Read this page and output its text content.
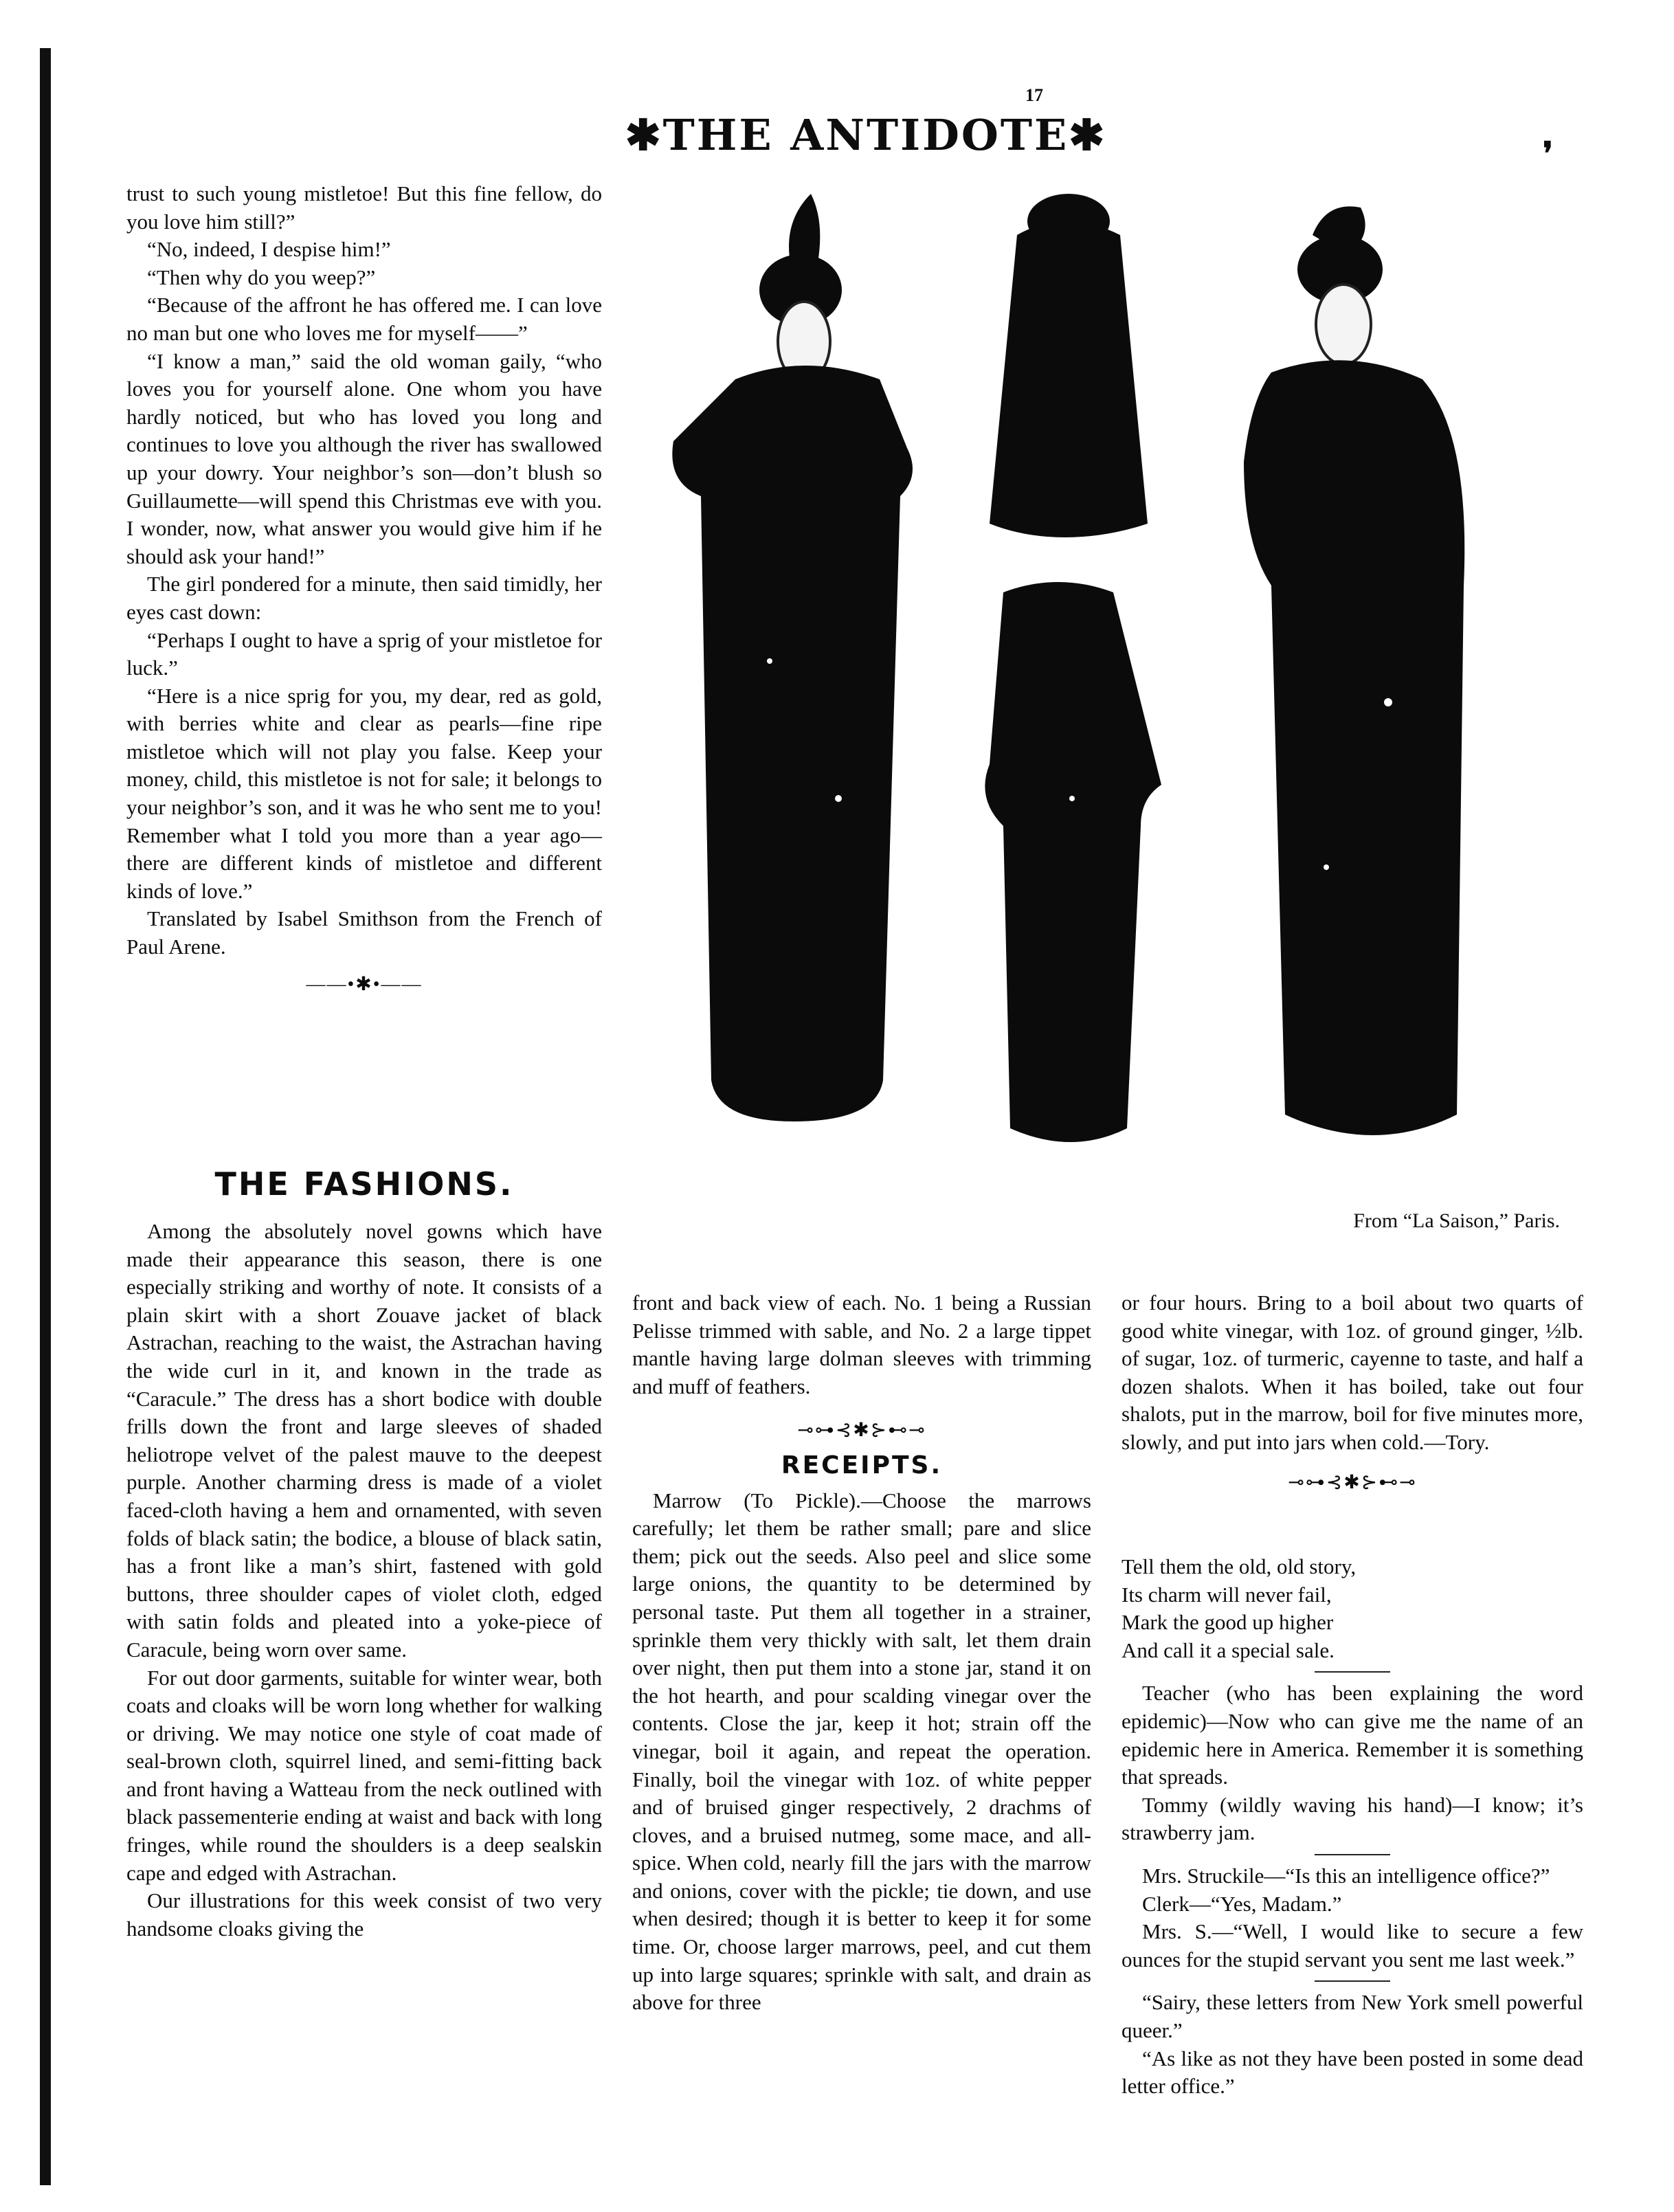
17
✱THE ANTIDOTE✱	❜

trust to such young mistletoe! But this fine fellow, do you love him still?”

“No, indeed, I despise him!”

“Then why do you weep?”

“Because of the affront he has offered me. I can love no man but one who loves me for myself——”

“I know a man,” said the old woman gaily, “who loves you for yourself alone. One whom you have hardly noticed, but who has loved you long and continues to love you although the river has swallowed up your dowry. Your neighbor’s son—don’t blush so Guillaumette—will spend this Christmas eve with you. I wonder, now, what answer you would give him if he should ask your hand!”

The girl pondered for a minute, then said timidly, her eyes cast down:

“Perhaps I ought to have a sprig of your mistletoe for luck.”

“Here is a nice sprig for you, my dear, red as gold, with berries white and clear as pearls—fine ripe mistletoe which will not play you false. Keep your money, child, this mistletoe is not for sale; it belongs to your neighbor’s son, and it was he who sent me to you! Remember what I told you more than a year ago—there are different kinds of mistletoe and different kinds of love.”

Translated by Isabel Smithson from the French of Paul Arene.

——•✱•——
THE FASHIONS.

Among the absolutely novel gowns which have made their appearance this season, there is one especially striking and worthy of note. It consists of a plain skirt with a short Zouave jacket of black Astrachan, reaching to the waist, the Astrachan having the wide curl in it, and known in the trade as “Caracule.” The dress has a short bodice with double frills down the front and large sleeves of shaded heliotrope velvet of the palest mauve to the deepest purple. Another charming dress is made of a violet faced-cloth having a hem and ornamented, with seven folds of black satin; the bodice, a blouse of black satin, has a front like a man’s shirt, fastened with gold buttons, three shoulder capes of violet cloth, edged with satin folds and pleated into a yoke-piece of Caracule, being worn over same.

For out door garments, suitable for winter wear, both coats and cloaks will be worn long whether for walking or driving. We may notice one style of coat made of seal-brown cloth, squirrel lined, and semi-fitting back and front having a Watteau from the neck outlined with black passementerie ending at waist and back with long fringes, while round the shoulders is a deep sealskin cape and edged with Astrachan.

Our illustrations for this week consist of two very handsome cloaks giving the

From “La Saison,” Paris.

front and back view of each. No. 1 being a Russian Pelisse trimmed with sable, and No. 2 a large tippet mantle having large dolman sleeves with trimming and muff of feathers.

⊸⊶⊰✱⊱⊷⊸
RECEIPTS.

Marrow (To Pickle).—Choose the marrows carefully; let them be rather small; pare and slice them; pick out the seeds. Also peel and slice some large onions, the quantity to be determined by personal taste. Put them all together in a strainer, sprinkle them very thickly with salt, let them drain over night, then put them into a stone jar, stand it on the hot hearth, and pour scalding vinegar over the contents. Close the jar, keep it hot; strain off the vinegar, boil it again, and repeat the operation. Finally, boil the vinegar with 1oz. of white pepper and of bruised ginger respectively, 2 drachms of cloves, and a bruised nutmeg, some mace, and all-spice. When cold, nearly fill the jars with the marrow and onions, cover with the pickle; tie down, and use when desired; though it is better to keep it for some time. Or, choose larger marrows, peel, and cut them up into large squares; sprinkle with salt, and drain as above for three

or four hours. Bring to a boil about two quarts of good white vinegar, with 1oz. of ground ginger, ½lb. of sugar, 1oz. of turmeric, cayenne to taste, and half a dozen shalots. When it has boiled, take out four shalots, put in the marrow, boil for five minutes more, slowly, and put into jars when cold.—Tory.

⊸⊶⊰✱⊱⊷⊸

Tell them the old, old story,

Its charm will never fail,

Mark the good up higher

And call it a special sale.

Teacher (who has been explaining the word epidemic)—Now who can give me the name of an epidemic here in America. Remember it is something that spreads.

Tommy (wildly waving his hand)—I know; it’s strawberry jam.

Mrs. Struckile—“Is this an intelligence office?”

Clerk—“Yes, Madam.”

Mrs. S.—“Well, I would like to secure a few ounces for the stupid servant you sent me last week.”

“Sairy, these letters from New York smell powerful queer.”

“As like as not they have been posted in some dead letter office.”
